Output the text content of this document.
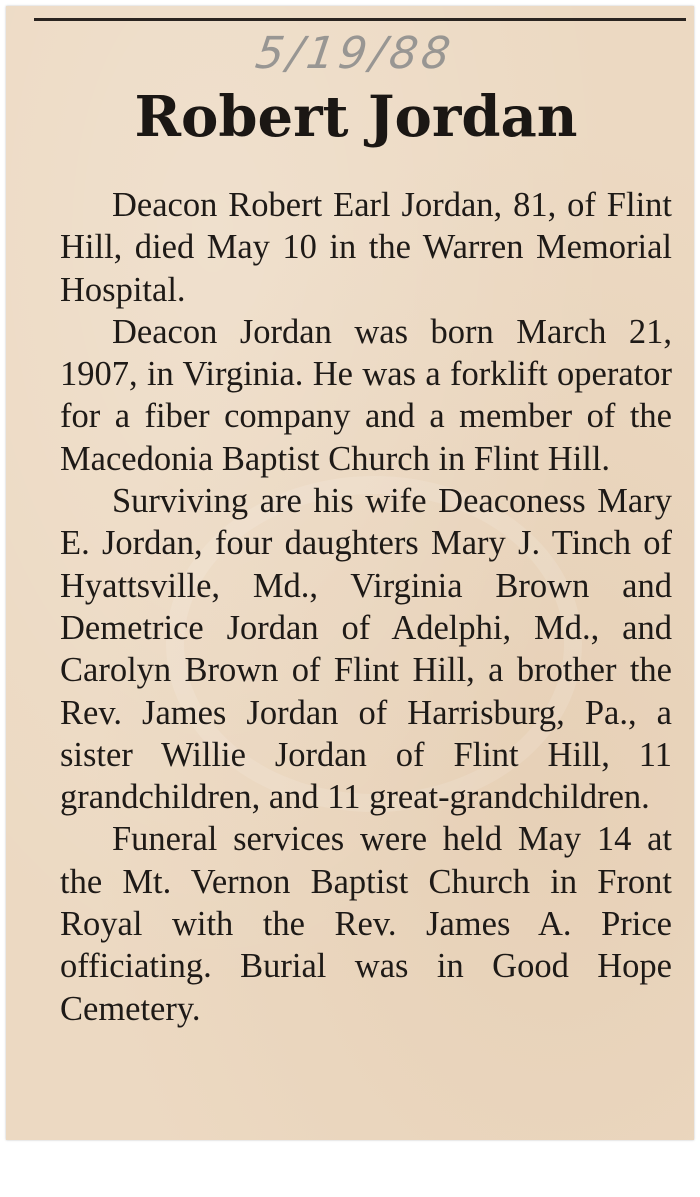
5/19/88
Robert Jordan

Deacon Robert Earl Jordan, 81, of Flint Hill, died May 10 in the Warren Memorial Hospital.

Deacon Jordan was born March 21, 1907, in Virginia. He was a forklift operator for a fiber company and a member of the Macedonia Baptist Church in Flint Hill.

Surviving are his wife Deaconess Mary E. Jordan, four daughters Mary J. Tinch of Hyattsville, Md., Virginia Brown and Demetrice Jordan of Adelphi, Md., and Carolyn Brown of Flint Hill, a brother the Rev. James Jordan of Harrisburg, Pa., a sister Willie Jordan of Flint Hill, 11 grandchildren, and 11 great-grandchildren.

Funeral services were held May 14 at the Mt. Vernon Baptist Church in Front Royal with the Rev. James A. Price officiating. Burial was in Good Hope Cemetery.
